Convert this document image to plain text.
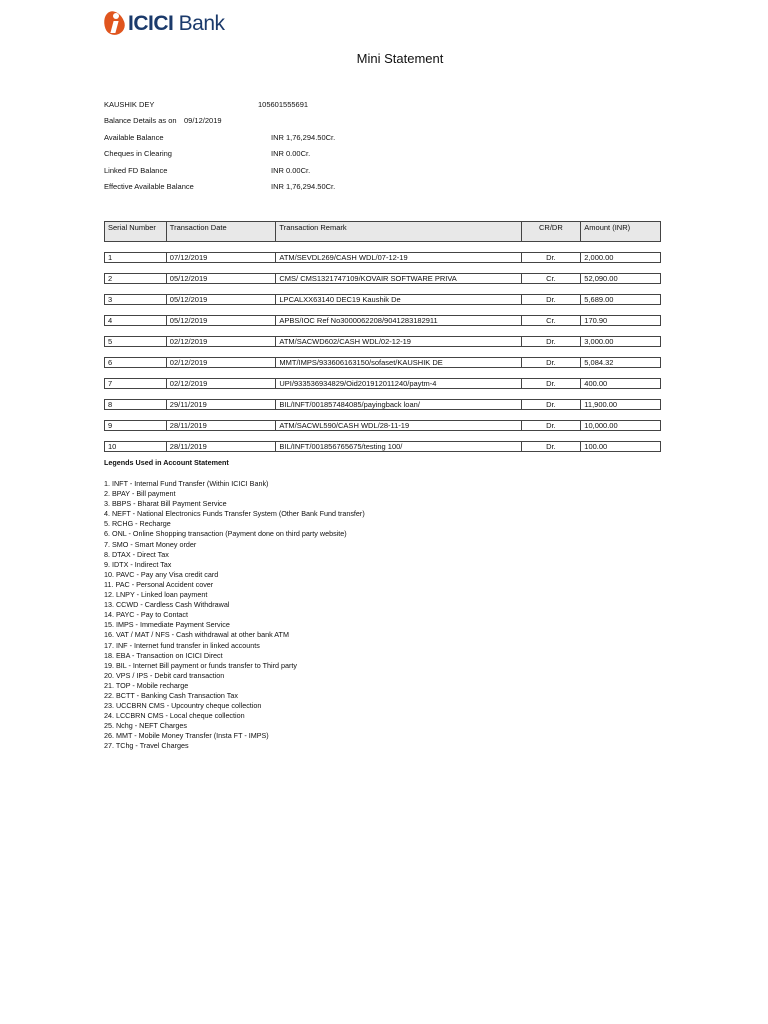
ICICI Bank
Mini Statement
KAUSHIK DEY	105601555691
Balance Details as on 09/12/2019
Available Balance	INR 1,76,294.50Cr.
Cheques in Clearing	INR 0.00Cr.
Linked FD Balance	INR 0.00Cr.
Effective Available Balance	INR 1,76,294.50Cr.
Serial Number	Transaction Date	Transaction Remark	CR/DR	Amount (INR)
1	07/12/2019	ATM/SEVDL269/CASH WDL/07-12-19	Dr.	2,000.00
2	05/12/2019	CMS/ CMS1321747109/KOVAIR SOFTWARE PRIVA	Cr.	52,090.00
3	05/12/2019	LPCALXX63140 DEC19 Kaushik De	Dr.	5,689.00
4	05/12/2019	APBS/IOC Ref No3000062208/9041283182911	Cr.	170.90
5	02/12/2019	ATM/SACWD602/CASH WDL/02-12-19	Dr.	3,000.00
6	02/12/2019	MMT/IMPS/933606163150/sofaset/KAUSHIK DE	Dr.	5,084.32
7	02/12/2019	UPI/933536934829/Oid201912011240/paytm-4	Dr.	400.00
8	29/11/2019	BIL/INFT/001857484085/payingback loan/	Dr.	11,900.00
9	28/11/2019	ATM/SACWL590/CASH WDL/28-11-19	Dr.	10,000.00
10	28/11/2019	BIL/INFT/001856765675/testing 100/	Dr.	100.00
Legends Used in Account Statement
1. INFT - Internal Fund Transfer (Within ICICI Bank)
2. BPAY - Bill payment
3. BBPS - Bharat Bill Payment Service
4. NEFT - National Electronics Funds Transfer System (Other Bank Fund transfer)
5. RCHG - Recharge
6. ONL - Online Shopping transaction (Payment done on third party website)
7. SMO - Smart Money order
8. DTAX - Direct Tax
9. IDTX - Indirect Tax
10. PAVC - Pay any Visa credit card
11. PAC - Personal Accident cover
12. LNPY - Linked loan payment
13. CCWD - Cardless Cash Withdrawal
14. PAYC - Pay to Contact
15. IMPS - Immediate Payment Service
16. VAT / MAT / NFS - Cash withdrawal at other bank ATM
17. INF - Internet fund transfer in linked accounts
18. EBA - Transaction on ICICI Direct
19. BIL - Internet Bill payment or funds transfer to Third party
20. VPS / IPS - Debit card transaction
21. TOP - Mobile recharge
22. BCTT - Banking Cash Transaction Tax
23. UCCBRN CMS - Upcountry cheque collection
24. LCCBRN CMS - Local cheque collection
25. Nchg - NEFT Charges
26. MMT - Mobile Money Transfer (Insta FT - IMPS)
27. TChg - Travel Charges
